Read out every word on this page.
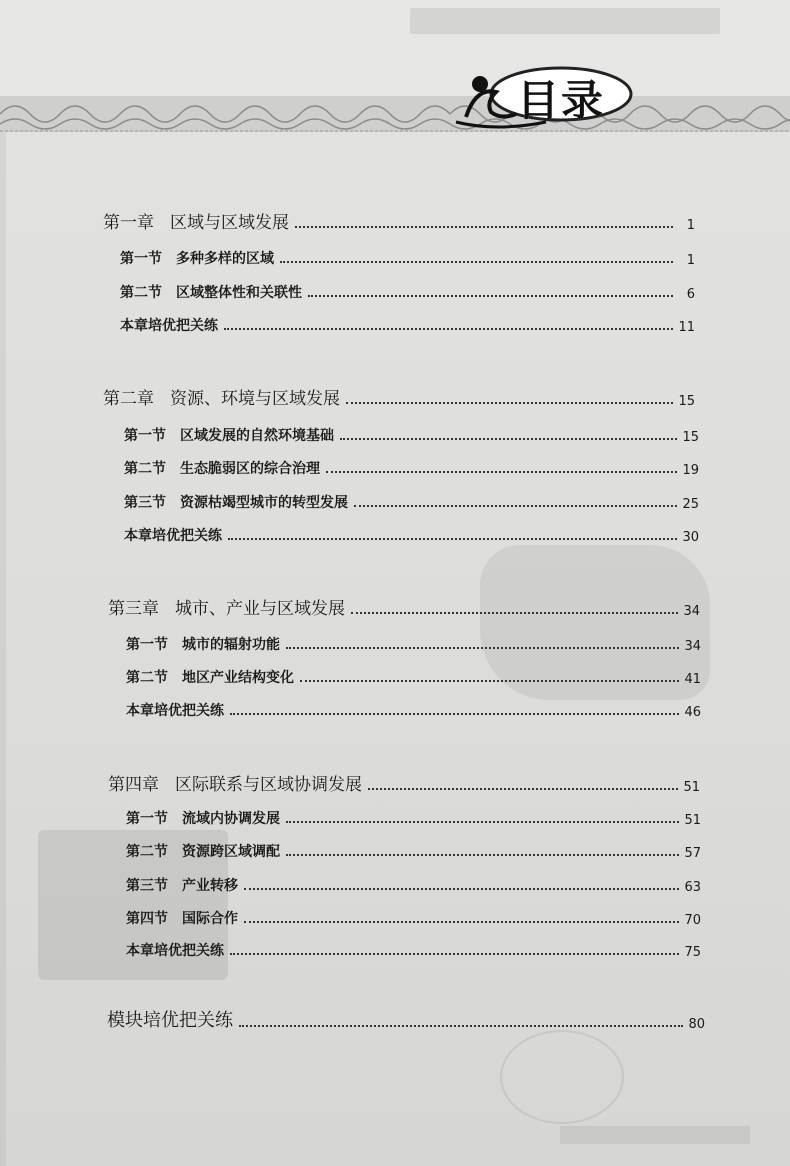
目录
第一章 区域与区域发展	1
第一节 多种多样的区域	1
第二节 区域整体性和关联性	6
本章培优把关练	11
第二章 资源、环境与区域发展	15
第一节 区域发展的自然环境基础	15
第二节 生态脆弱区的综合治理	19
第三节 资源枯竭型城市的转型发展	25
本章培优把关练	30
第三章 城市、产业与区域发展	34
第一节 城市的辐射功能	34
第二节 地区产业结构变化	41
本章培优把关练	46
第四章 区际联系与区域协调发展	51
第一节 流域内协调发展	51
第二节 资源跨区域调配	57
第三节 产业转移	63
第四节 国际合作	70
本章培优把关练	75
模块培优把关练	80
